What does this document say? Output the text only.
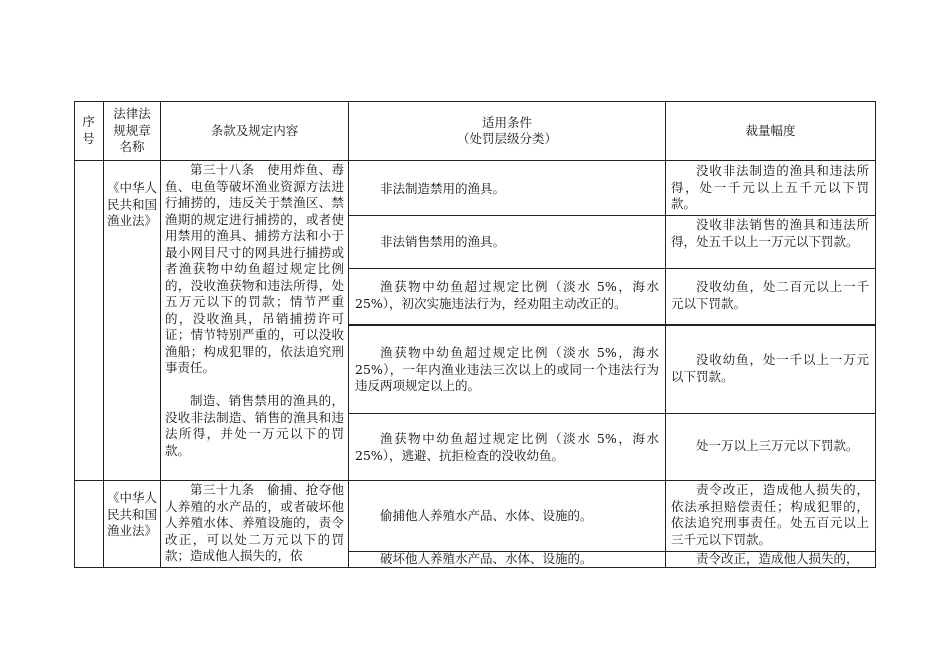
序号
法律法规规章名称
条款及规定内容
适用条件
（处罚层级分类）
裁量幅度
《中华人民共和国渔业法》
第三十八条　使用炸鱼、毒鱼、电鱼等破坏渔业资源方法进行捕捞的，违反关于禁渔区、禁渔期的规定进行捕捞的，或者使用禁用的渔具、捕捞方法和小于最小网目尺寸的网具进行捕捞或者渔获物中幼鱼超过规定比例的，没收渔获物和违法所得，处五万元以下的罚款；情节严重的，没收渔具，吊销捕捞许可证；情节特别严重的，可以没收渔船；构成犯罪的，依法追究刑事责任。
制造、销售禁用的渔具的，没收非法制造、销售的渔具和违法所得，并处一万元以下的罚款。
非法制造禁用的渔具。
没收非法制造的渔具和违法所得，处一千元以上五千元以下罚款。
非法销售禁用的渔具。
没收非法销售的渔具和违法所得，处五千以上一万元以下罚款。
渔获物中幼鱼超过规定比例（淡水 5%，海水 25%），初次实施违法行为，经劝阻主动改正的。
没收幼鱼，处二百元以上一千元以下罚款。
渔获物中幼鱼超过规定比例（淡水 5%，海水 25%），一年内渔业违法三次以上的或同一个违法行为违反两项规定以上的。
没收幼鱼，处一千以上一万元以下罚款。
渔获物中幼鱼超过规定比例（淡水 5%，海水 25%），逃避、抗拒检查的没收幼鱼。
处一万以上三万元以下罚款。
《中华人民共和国渔业法》
第三十九条　偷捕、抢夺他人养殖的水产品的，或者破坏他人养殖水体、养殖设施的，责令改正，可以处二万元以下的罚款；造成他人损失的，依
偷捕他人养殖水产品、水体、设施的。
责令改正，造成他人损失的，依法承担赔偿责任；构成犯罪的，依法追究刑事责任。处五百元以上三千元以下罚款。
破坏他人养殖水产品、水体、设施的。	责令改正，造成他人损失的，
